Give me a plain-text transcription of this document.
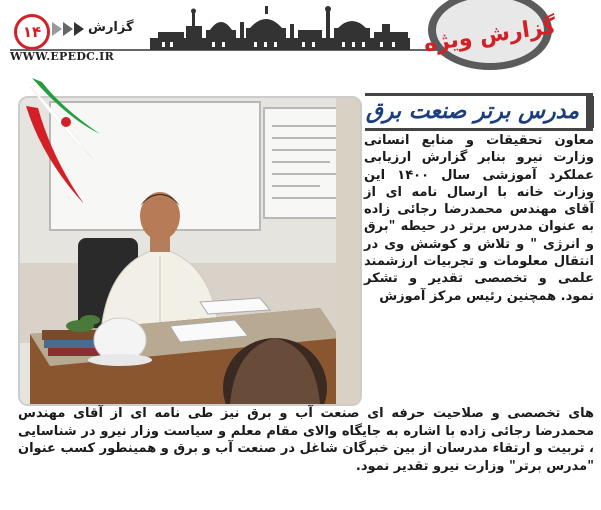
۱۴	گزارش
WWW.EPEDC.IR	گزارش ویژه
مدرس برتر صنعت برق

معاون تحقیقات و منابع انسانی وزارت نیرو بنابر گزارش ارزیابی عملکرد آموزشی سال ۱۴۰۰ این وزارت خانه با ارسال نامه ای از آقای مهندس محمدرضا رجائی زاده به عنوان مدرس برتر در حیطه "برق و انرژی " و تلاش و کوشش وی در انتقال معلومات و تجربیات ارزشمند علمی و تخصصی تقدیر و تشکر نمود. همچنین رئیس مرکز آموزش

های تخصصی و صلاحیت حرفه ای صنعت آب و برق نیز طی نامه ای از آقای مهندس محمدرضا رجائی زاده با اشاره به جایگاه والای مقام معلم و سیاست وزار نیرو در شناسایی ، تربیت و ارتقاء مدرسان از بین خبرگان شاغل در صنعت آب و برق و همینطور کسب عنوان "مدرس برتر" وزارت نیرو تقدیر نمود.
